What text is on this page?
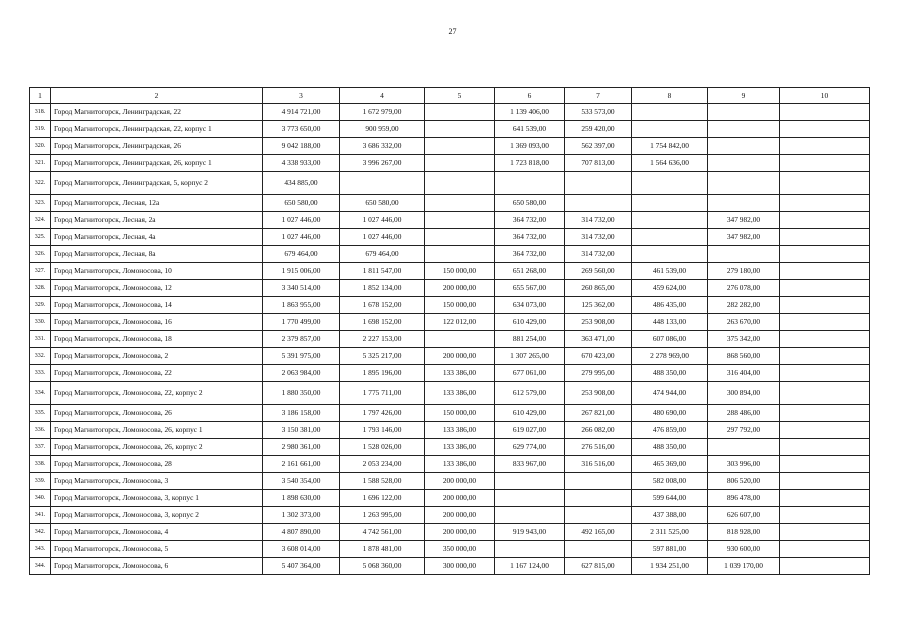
27
1	2	3	4	5	6	7	8	9	10
318.	Город Магнитогорск, Ленинградская, 22	4 914 721,00	1 672 979,00		1 139 406,00	533 573,00			
319.	Город Магнитогорск, Ленинградская, 22, корпус 1	3 773 650,00	900 959,00		641 539,00	259 420,00			
320.	Город Магнитогорск, Ленинградская, 26	9 042 188,00	3 686 332,00		1 369 093,00	562 397,00	1 754 842,00		
321.	Город Магнитогорск, Ленинградская, 26, корпус 1	4 338 933,00	3 996 267,00		1 723 818,00	707 813,00	1 564 636,00		
322.	Город Магнитогорск, Ленинградская, 5, корпус 2	434 885,00							
323.	Город Магнитогорск, Лесная, 12а	650 580,00	650 580,00		650 580,00				
324.	Город Магнитогорск, Лесная, 2а	1 027 446,00	1 027 446,00		364 732,00	314 732,00		347 982,00	
325.	Город Магнитогорск, Лесная, 4а	1 027 446,00	1 027 446,00		364 732,00	314 732,00		347 982,00	
326.	Город Магнитогорск, Лесная, 8а	679 464,00	679 464,00		364 732,00	314 732,00			
327.	Город Магнитогорск, Ломоносова, 10	1 915 006,00	1 811 547,00	150 000,00	651 268,00	269 560,00	461 539,00	279 180,00	
328.	Город Магнитогорск, Ломоносова, 12	3 340 514,00	1 852 134,00	200 000,00	655 567,00	260 865,00	459 624,00	276 078,00	
329.	Город Магнитогорск, Ломоносова, 14	1 863 955,00	1 678 152,00	150 000,00	634 073,00	125 362,00	486 435,00	282 282,00	
330.	Город Магнитогорск, Ломоносова, 16	1 770 499,00	1 698 152,00	122 012,00	610 429,00	253 908,00	448 133,00	263 670,00	
331.	Город Магнитогорск, Ломоносова, 18	2 379 857,00	2 227 153,00		881 254,00	363 471,00	607 086,00	375 342,00	
332.	Город Магнитогорск, Ломоносова, 2	5 391 975,00	5 325 217,00	200 000,00	1 307 265,00	670 423,00	2 278 969,00	868 560,00	
333.	Город Магнитогорск, Ломоносова, 22	2 063 984,00	1 895 196,00	133 386,00	677 061,00	279 995,00	488 350,00	316 404,00	
334.	Город Магнитогорск, Ломоносова, 22, корпус 2	1 880 350,00	1 775 711,00	133 386,00	612 579,00	253 908,00	474 944,00	300 894,00	
335.	Город Магнитогорск, Ломоносова, 26	3 186 158,00	1 797 426,00	150 000,00	610 429,00	267 821,00	480 690,00	288 486,00	
336.	Город Магнитогорск, Ломоносова, 26, корпус 1	3 150 381,00	1 793 146,00	133 386,00	619 027,00	266 082,00	476 859,00	297 792,00	
337.	Город Магнитогорск, Ломоносова, 26, корпус 2	2 980 361,00	1 528 026,00	133 386,00	629 774,00	276 516,00	488 350,00		
338.	Город Магнитогорск, Ломоносова, 28	2 161 661,00	2 053 234,00	133 386,00	833 967,00	316 516,00	465 369,00	303 996,00	
339.	Город Магнитогорск, Ломоносова, 3	3 540 354,00	1 588 528,00	200 000,00			582 008,00	806 520,00	
340.	Город Магнитогорск, Ломоносова, 3, корпус 1	1 898 630,00	1 696 122,00	200 000,00			599 644,00	896 478,00	
341.	Город Магнитогорск, Ломоносова, 3, корпус 2	1 302 373,00	1 263 995,00	200 000,00			437 388,00	626 607,00	
342.	Город Магнитогорск, Ломоносова, 4	4 807 890,00	4 742 561,00	200 000,00	919 943,00	492 165,00	2 311 525,00	818 928,00	
343.	Город Магнитогорск, Ломоносова, 5	3 608 014,00	1 878 481,00	350 000,00			597 881,00	930 600,00	
344.	Город Магнитогорск, Ломоносова, 6	5 407 364,00	5 068 360,00	300 000,00	1 167 124,00	627 815,00	1 934 251,00	1 039 170,00	
